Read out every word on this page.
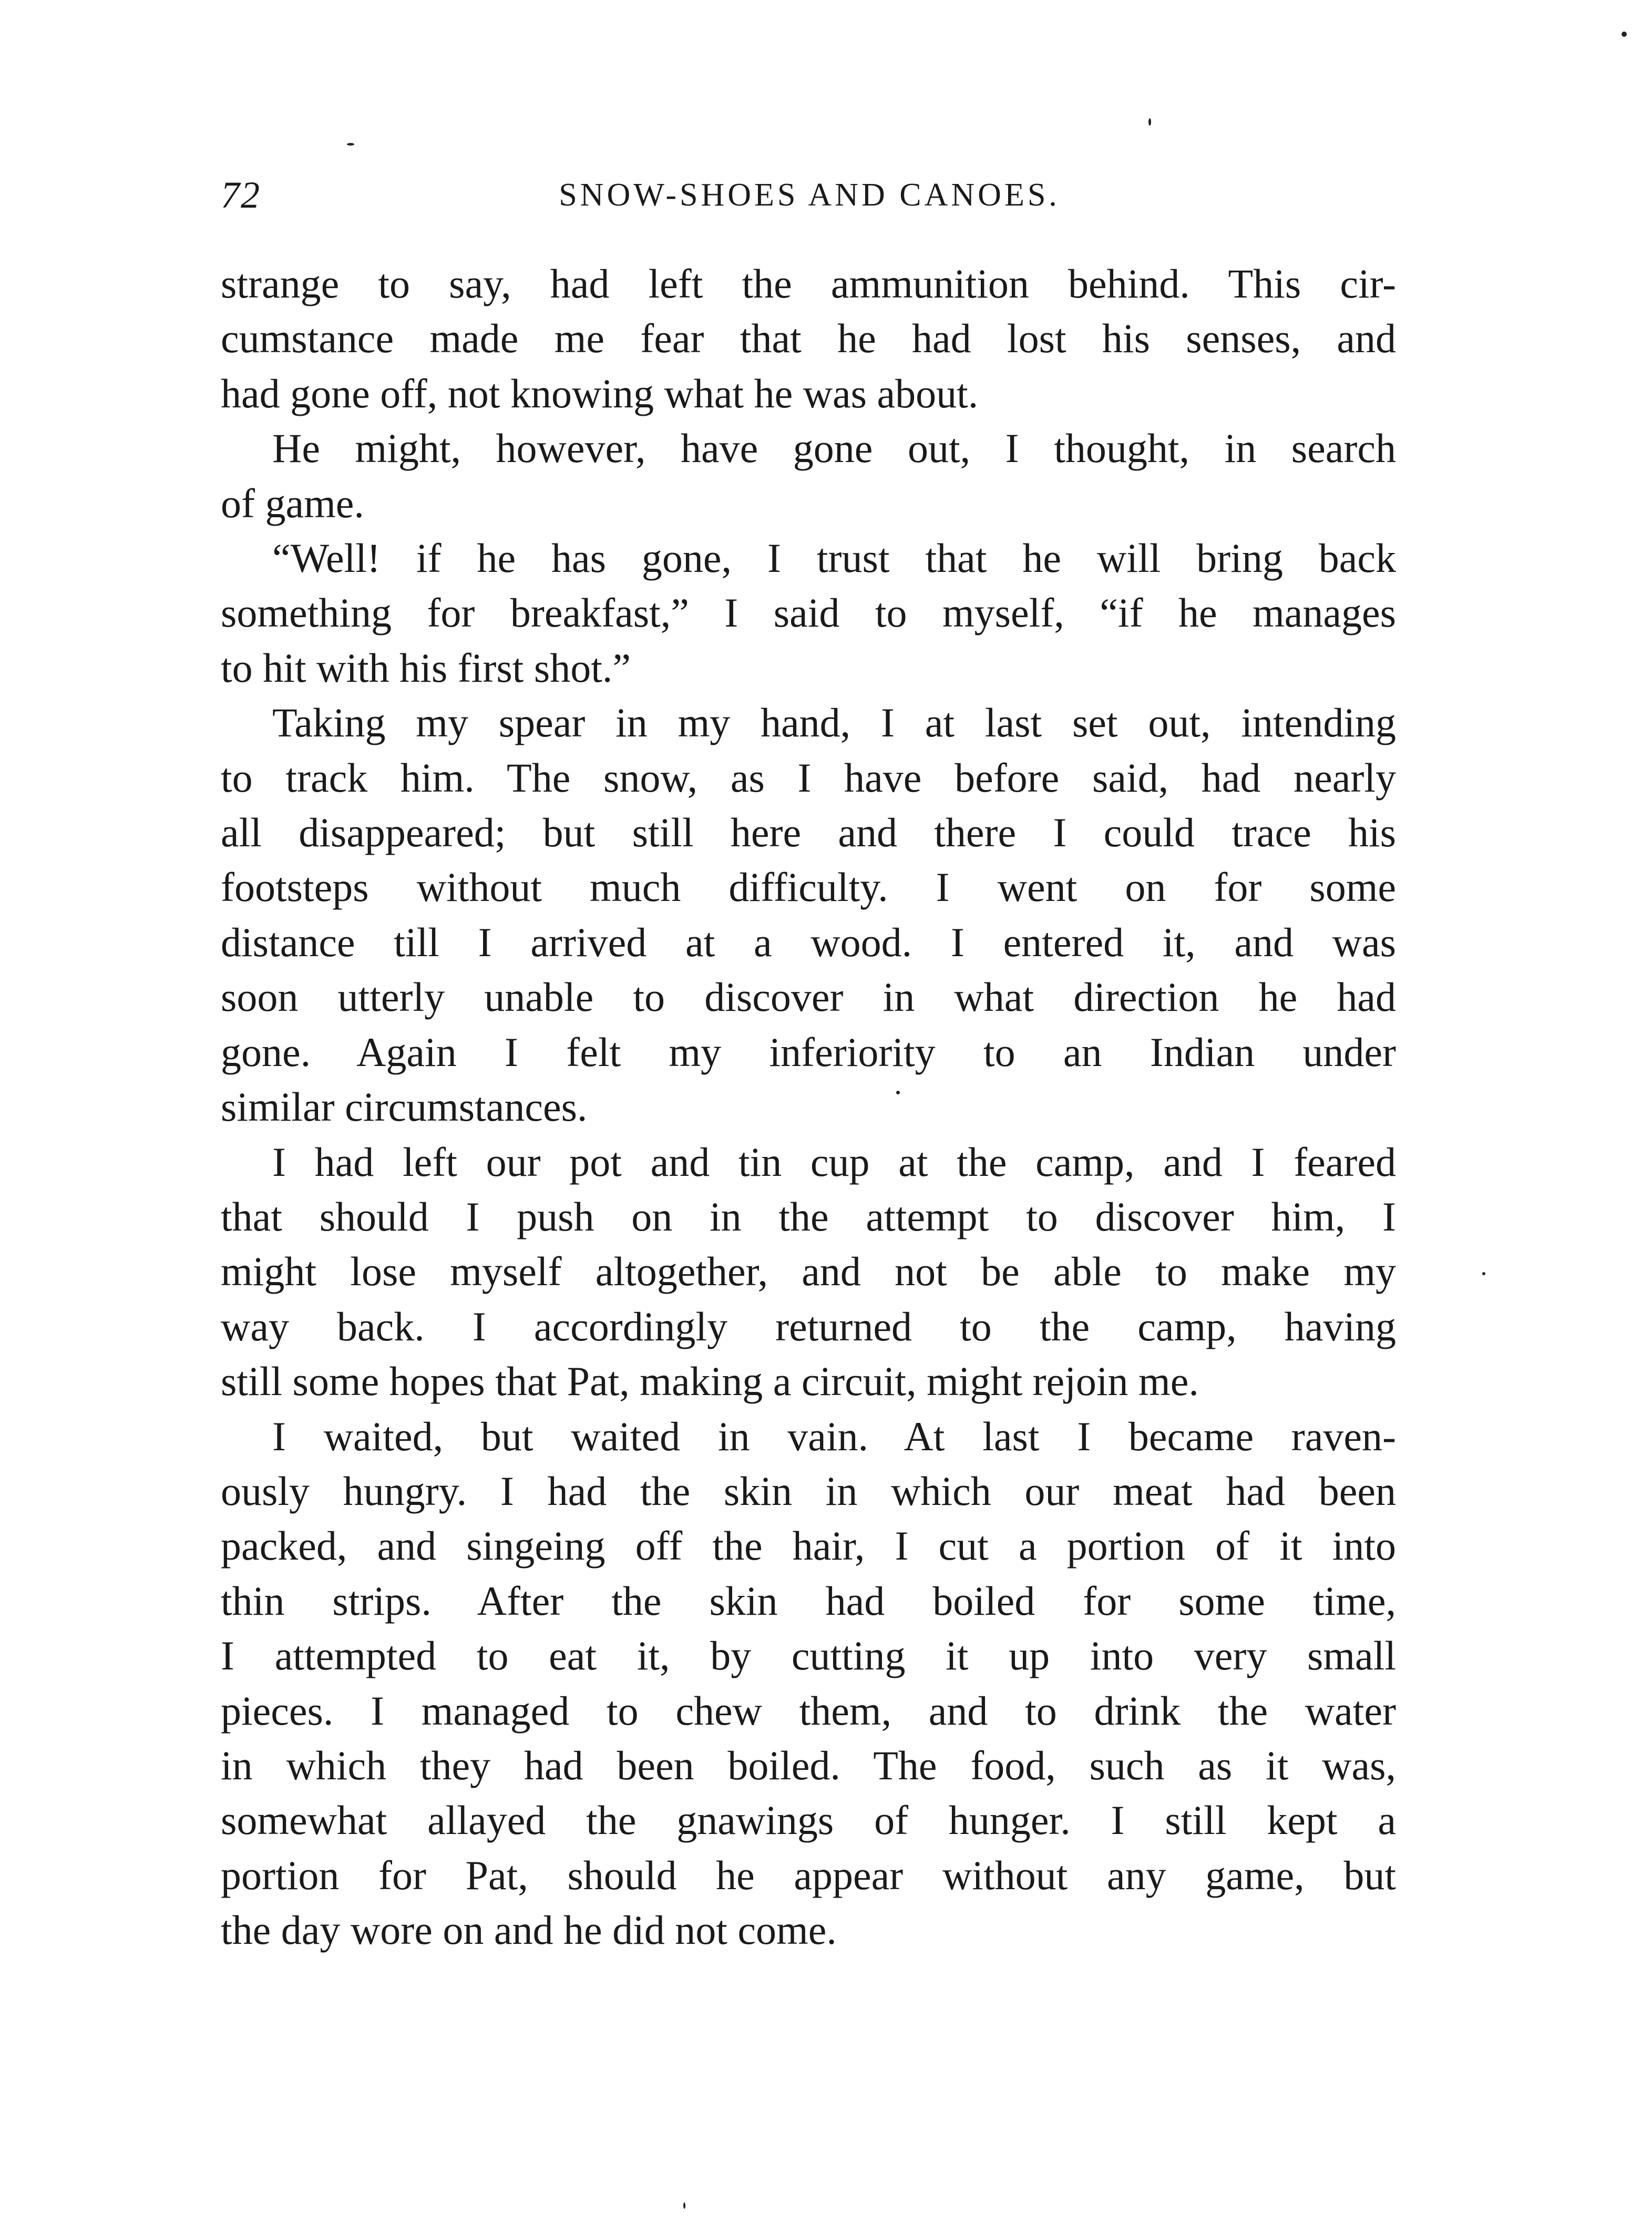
72	SNOW-SHOES AND CANOES.
strange to say, had left the ammunition behind. This cir-
cumstance made me fear that he had lost his senses, and
had gone off, not knowing what he was about.
He might, however, have gone out, I thought, in search
of game.
“Well! if he has gone, I trust that he will bring back
something for breakfast,” I said to myself, “if he manages
to hit with his first shot.”
Taking my spear in my hand, I at last set out, intending
to track him. The snow, as I have before said, had nearly
all disappeared; but still here and there I could trace his
footsteps without much difficulty. I went on for some
distance till I arrived at a wood. I entered it, and was
soon utterly unable to discover in what direction he had
gone. Again I felt my inferiority to an Indian under
similar circumstances.
I had left our pot and tin cup at the camp, and I feared
that should I push on in the attempt to discover him, I
might lose myself altogether, and not be able to make my
way back. I accordingly returned to the camp, having
still some hopes that Pat, making a circuit, might rejoin me.
I waited, but waited in vain. At last I became raven-
ously hungry. I had the skin in which our meat had been
packed, and singeing off the hair, I cut a portion of it into
thin strips. After the skin had boiled for some time,
I attempted to eat it, by cutting it up into very small
pieces. I managed to chew them, and to drink the water
in which they had been boiled. The food, such as it was,
somewhat allayed the gnawings of hunger. I still kept a
portion for Pat, should he appear without any game, but
the day wore on and he did not come.
